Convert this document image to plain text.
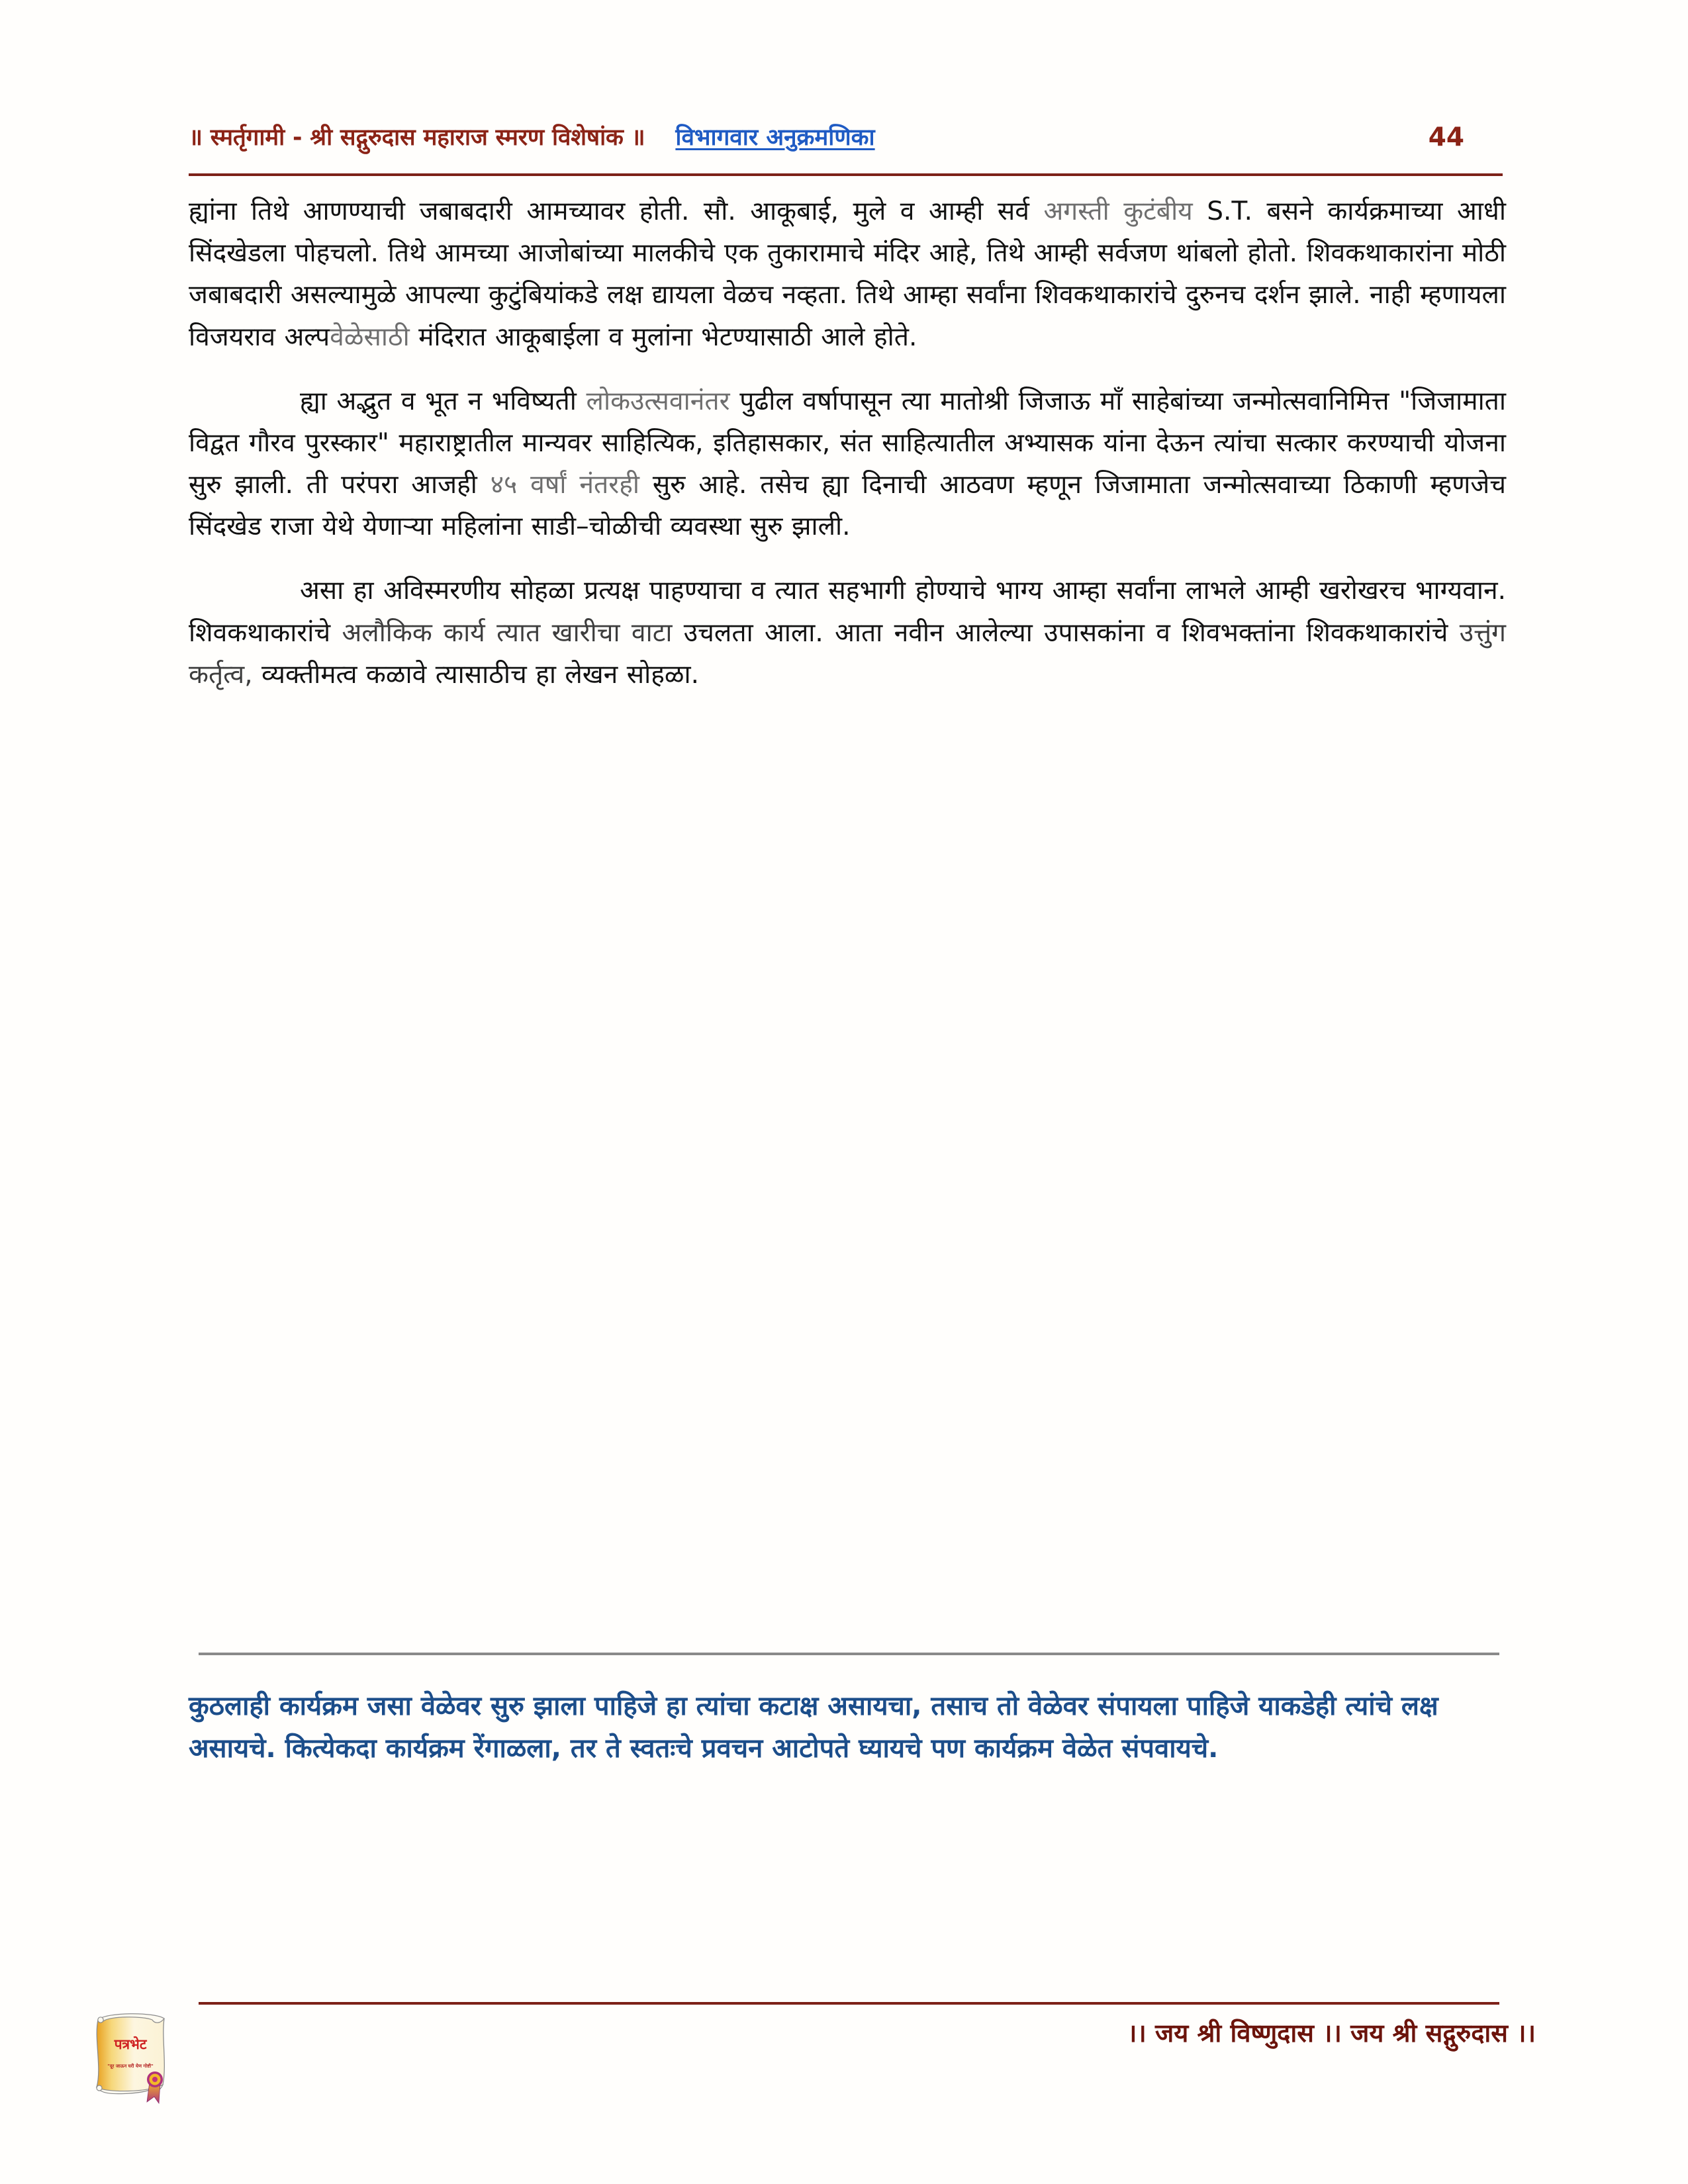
॥ स्मर्तृगामी - श्री सद्गुरुदास महाराज स्मरण विशेषांक ॥ विभागवार अनुक्रमणिका	44

ह्यांना तिथे आणण्याची जबाबदारी आमच्यावर होती. सौ. आकूबाई, मुले व आम्ही सर्व अगस्ती कुटंबीय S.T. बसने कार्यक्रमाच्या आधी सिंदखेडला पोहचलो. तिथे आमच्या आजोबांच्या मालकीचे एक तुकारामाचे मंदिर आहे, तिथे आम्ही सर्वजण थांबलो होतो. शिवकथाकारांना मोठी जबाबदारी असल्यामुळे आपल्या कुटुंबियांकडे लक्ष द्यायला वेळच नव्हता. तिथे आम्हा सर्वांना शिवकथाकारांचे दुरुनच दर्शन झाले. नाही म्हणायला विजयराव अल्पवेळेसाठी मंदिरात आकूबाईला व मुलांना भेटण्यासाठी आले होते.

ह्या अद्भुत व भूत न भविष्यती लोकउत्सवानंतर पुढील वर्षापासून त्या मातोश्री जिजाऊ माँ साहेबांच्या जन्मोत्सवानिमित्त "जिजामाता विद्वत गौरव पुरस्कार" महाराष्ट्रातील मान्यवर साहित्यिक, इतिहासकार, संत साहित्यातील अभ्यासक यांना देऊन त्यांचा सत्कार करण्याची योजना सुरु झाली. ती परंपरा आजही ४५ वर्षां नंतरही सुरु आहे. तसेच ह्या दिनाची आठवण म्हणून जिजामाता जन्मोत्सवाच्या ठिकाणी म्हणजेच सिंदखेड राजा येथे येणाऱ्या महिलांना साडी–चोळीची व्यवस्था सुरु झाली.

असा हा अविस्मरणीय सोहळा प्रत्यक्ष पाहण्याचा व त्यात सहभागी होण्याचे भाग्य आम्हा सर्वांना लाभले आम्ही खरोखरच भाग्यवान. शिवकथाकारांचे अलौकिक कार्य त्यात खारीचा वाटा उचलता आला. आता नवीन आलेल्या उपासकांना व शिवभक्तांना शिवकथाकारांचे उत्तुंग कर्तृत्व, व्यक्तीमत्व कळावे त्यासाठीच हा लेखन सोहळा.

कुठलाही कार्यक्रम जसा वेळेवर सुरु झाला पाहिजे हा त्यांचा कटाक्ष असायचा, तसाच तो वेळेवर संपायला पाहिजे याकडेही त्यांचे लक्ष असायचे. कित्येकदा कार्यक्रम रेंगाळला, तर ते स्वतःचे प्रवचन आटोपते घ्यायचे पण कार्यक्रम वेळेत संपवायचे.
।। जय श्री विष्णुदास ।। जय श्री सद्गुरुदास ।।
पत्रभेट
"दूर जाऊन घरी येण गोष्टी"
